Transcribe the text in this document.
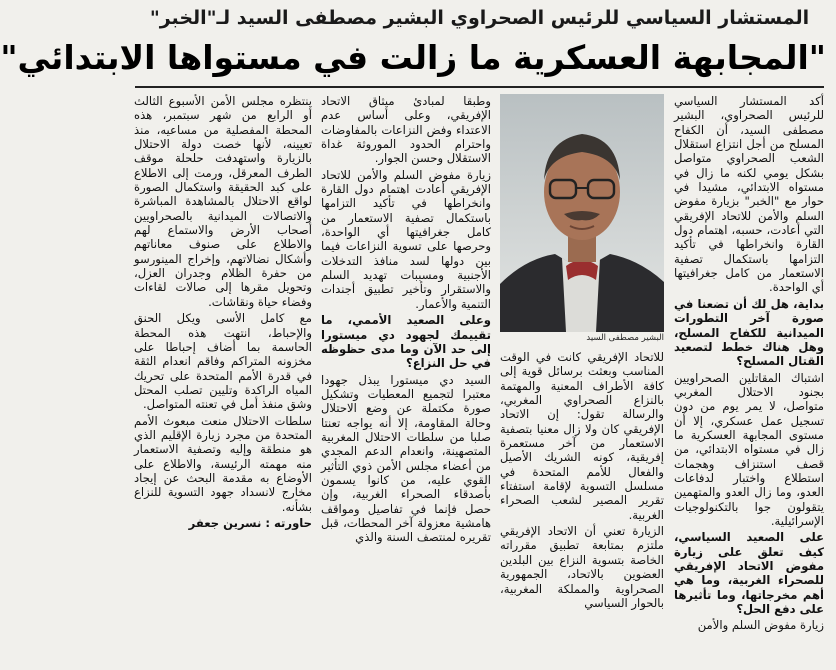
المستشار السياسي للرئيس الصحراوي البشير مصطفى السيد لـ"الخبر"
"المجابهة العسكرية ما زالت في مستواها الابتدائي"

أكد المستشار السياسي للرئيس الصحراوي، البشير مصطفى السيد، أن الكفاح المسلح من أجل انتزاع استقلال الشعب الصحراوي متواصل بشكل يومي لكنه ما زال في مستواه الابتدائي، مشيدا في حوار مع "الخبر" بزيارة مفوض السلم والأمن للاتحاد الإفريقي التي أعادت، حسبه، اهتمام دول القارة وانخراطها في تأكيد التزامها باستكمال تصفية الاستعمار من كامل جغرافيتها أي الواحدة.

بداية، هل لك أن تضعنا في صورة آخر التطورات الميدانية للكفاح المسلح، وهل هناك خطط لتصعيد القتال المسلح؟

اشتباك المقاتلين الصحراويين بجنود الاحتلال المغربي متواصل، لا يمر يوم من دون تسجيل عمل عسكري، إلا أن مستوى المجابهة العسكرية ما زال في مستواه الابتدائي، من قصف استنزاف وهجمات استطلاع واختبار لدفاعات العدو، وما زال العدو والمتهمين يتقولون جوا بالتكنولوجيات الإسرائيلية.

على الصعيد السياسي، كيف تعلق على زيارة مفوض الاتحاد الإفريقي للصحراء الغربية، وما هي أهم مخرجاتها، وما تأثيرها على دفع الحل؟

زيارة مفوض السلم والأمن

البشير مصطفى السيد

للاتحاد الإفريقي كانت في الوقت المناسب وبعثت برسائل قوية إلى كافة الأطراف المعنية والمهتمة بالنزاع الصحراوي المغربي، والرسالة تقول: إن الاتحاد الإفريقي كان ولا زال معنيا بتصفية الاستعمار من آخر مستعمرة إفريقية، كونه الشريك الأصيل والفعال للأمم المتحدة في مسلسل التسوية لإقامة استفتاء تقرير المصير لشعب الصحراء الغربية.

الزيارة تعني أن الاتحاد الإفريقي ملتزم بمتابعة تطبيق مقرراته الخاصة بتسوية النزاع بين البلدين العضوين بالاتحاد، الجمهورية الصحراوية والمملكة المغربية، بالحوار السياسي

وطبقا لمبادئ ميثاق الاتحاد الإفريقي، وعلى أساس عدم الاعتداء وفض النزاعات بالمفاوضات واحترام الحدود الموروثة غداة الاستقلال وحسن الجوار.

زيارة مفوض السلم والأمن للاتحاد الإفريقي أعادت اهتمام دول القارة وانخراطها في تأكيد التزامها باستكمال تصفية الاستعمار من كامل جغرافيتها أي الواحدة، وحرصها على تسوية النزاعات فيما بين دولها لسد منافذ التدخلات الأجنبية ومسببات تهديد السلم والاستقرار وتأخير تطبيق أجندات التنمية والأعمار.

وعلى الصعيد الأممي، ما تقييمك لجهود دي ميستورا إلى حد الآن وما مدى حظوظه في حل النزاع؟

السيد دي ميستورا يبذل جهودا معتبرا لتجميع المعطيات وتشكيل صورة مكتملة عن وضع الاحتلال وحالة المقاومة، إلا أنه يواجه تعنتا صلبا من سلطات الاحتلال المغربية المتصهينة، وانعدام الدعم المجدي من أعضاء مجلس الأمن ذوي التأثير القوي عليه، من كانوا يسمون بأصدقاء الصحراء الغربية، وإن حصل فإنما في تفاصيل ومواقف هامشية معزولة آخر المحطات، قبل تقريره لمنتصف السنة والذي

ينتظره مجلس الأمن الأسبوع الثالث أو الرابع من شهر سبتمبر، هذه المحطة المفصلية من مساعيه، منذ تعيينه، لأنها خصت دولة الاحتلال بالزيارة واستهدفت حلحلة موقف الطرف المعرقل، ورمت إلى الاطلاع على كبد الحقيقة واستكمال الصورة لواقع الاحتلال بالمشاهدة المباشرة والاتصالات الميدانية بالصحراويين أصحاب الأرض والاستماع لهم والاطلاع على صنوف معاناتهم وأشكال نضالاتهم، وإخراج المينورسو من حفرة الظلام وجدران العزل، وتحويل مقرها إلى صالات لقاءات وفضاء حياة ونقاشات.

مع كامل الأسى ويكل الحنق والإحباط، انتهت هذه المحطة الحاسمة بما أضاف إحباطا على مخزونه المتراكم وفاقم انعدام الثقة في قدرة الأمم المتحدة على تحريك المياه الراكدة وتليين تصلب المحتل وشق منفذ أمل في تعنته المتواصل.

سلطات الاحتلال منعت مبعوث الأمم المتحدة من مجرد زيارة الإقليم الذي هو منطقة وإليه وتصفية الاستعمار منه مهمته الرئيسة، والاطلاع على الأوضاع به مقدمة البحث عن إيجاد مخارج لانسداد جهود التسوية للنزاع بشأنه.

حاورته : نسرين جعفر
